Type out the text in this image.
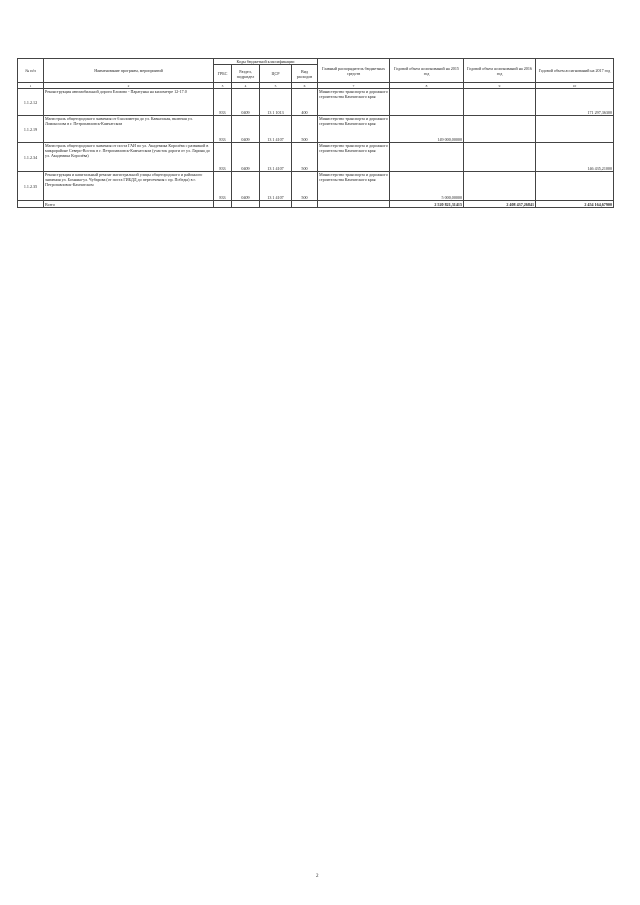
№ п/п	Наименование программ, мероприятий	Коды бюджетной классификации				Главный распорядитель бюджетных средств	Годовой объем ассигнований на 2015 год	Годовой объем ассигнований на 2016 год	Годовой объем ассигнований на 2017 год
		ГРБС	Раздел, подраздел	ЦСР	Вид расходов				
1	2	3	4	5	6	7	8	9	10
1.1.2.12	Реконструкция автомобильной дороги Елизово - Паратунка на километре 12-17.0	833	0409	13 1 1013	400	Министерство транспорта и дорожного строительства Камчатского края			171 297,36300
1.1.2.19	Магистраль общегородского значения от 6 километра до ул. Кавказская, включая ул. Ломоносова в г. Петропавловск-Камчатском	833	0409	13 1 4107	500	Министерство транспорта и дорожного строительства Камчатского края	149 000,00000		
1.1.2.34	Магистраль общегородского значения от поста ГАИ по ул. Академика Королёва с развязкой в микрорайоне Северо-Восток в г. Петропавловск-Камчатском (участок дороги от ул. Ларина до ул. Академика Королёва)	833	0409	13 1 4107	500	Министерство транспорта и дорожного строительства Камчатского края			146 435,21000
1.1.2.35	Реконструкция и капитальный ремонт магистральной улицы общегородского и районного значения ул. Бохняка-ул. Чубарова (от поста ГИБДД до пересечения с пр. Победы) в г. Петропавловск-Камчатском	833	0409	13 1 4107	500	Министерство транспорта и дорожного строительства Камчатского края	5 000,00000		
	Всего						2 520 821,31415	2 408 437,26841	2 454 164,67900
2
